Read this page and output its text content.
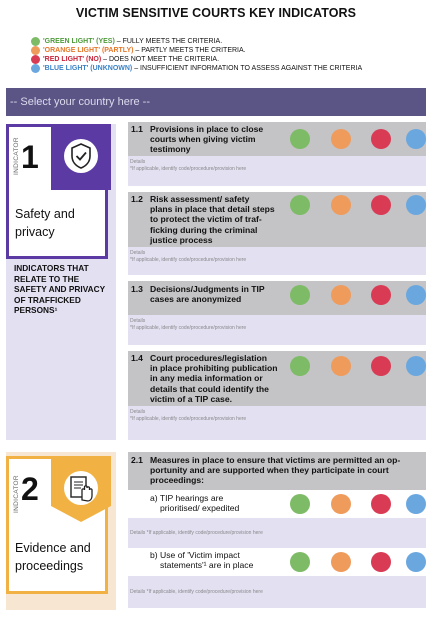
VICTIM SENSITIVE COURTS KEY INDICATORS
'GREEN LIGHT' (YES) – FULLY MEETS THE CRITERIA.
'ORANGE LIGHT' (PARTLY) – PARTLY MEETS THE CRITERIA.
'RED LIGHT' (NO) – DOES NOT MEET THE CRITERIA.
'BLUE LIGHT' (UNKNOWN) – INSUFFICIENT INFORMATION TO ASSESS AGAINST THE CRITERIA
-- Select your country here --
INDICATOR 1
Safety and
privacy
INDICATORS THAT RELATE TO THE SAFETY AND PRIVACY OF TRAFFICKED PERSONS¹
1.1 Provisions in place to close
courts when giving victim
testimony
Details
*If applicable, identify code/procedure/provision here
1.2 Risk assessment/ safety
plans in place that detail steps
to protect the victim of traf-
ficking during the criminal
justice process
Details
*If applicable, identify code/procedure/provision here
1.3 Decisions/Judgments in TIP
cases are anonymized
Details
*If applicable, identify code/procedure/provision here
1.4 Court procedures/legislation
in place prohibiting publication
in any media information or
details that could identify the
victim of a TIP case.
Details
*If applicable, identify code/procedure/provision here
INDICATOR 2
Evidence and
proceedings
2.1 Measures in place to ensure that victims are permitted an op-
portunity and are supported when they participate in court
proceedings:
a) TIP hearings are
prioritised/ expedited
Details *If applicable, identify code/procedure/provision here
b) Use of 'Victim impact
statements'¹ are in place
Details *If applicable, identify code/procedure/provision here
